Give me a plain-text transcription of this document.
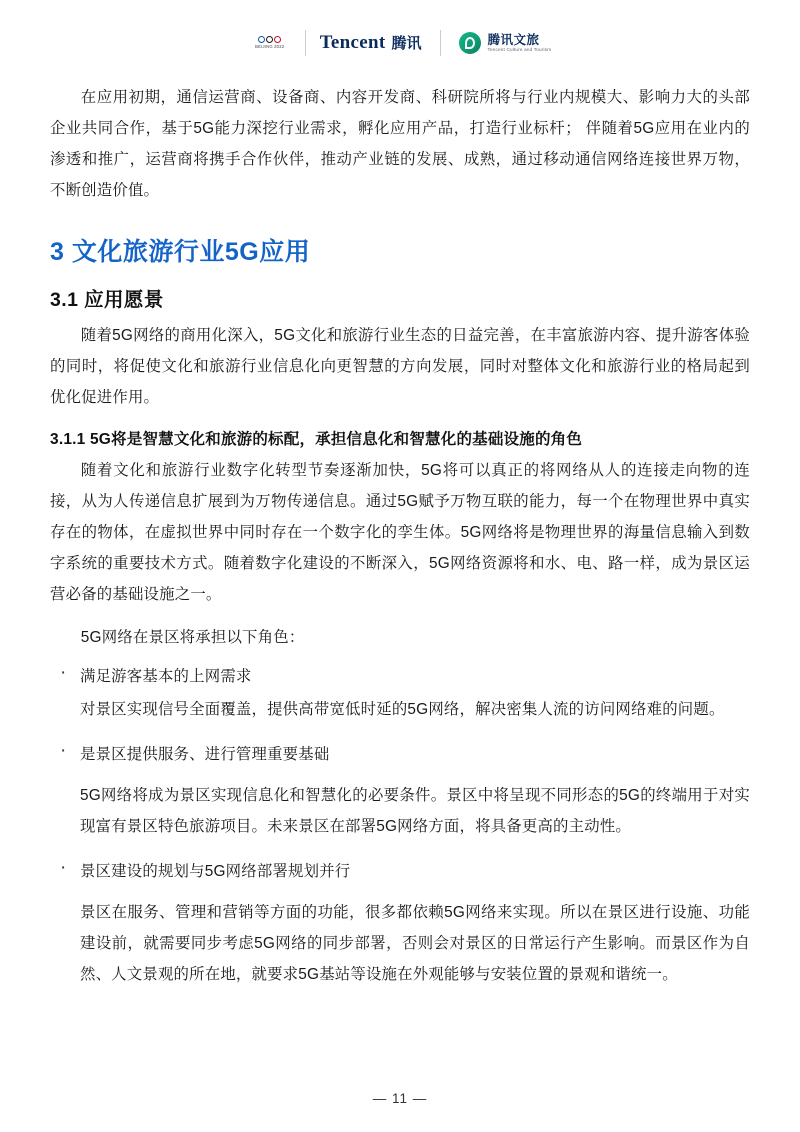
BEIJING 2022 Tencent 腾讯	腾讯文旅
Tencent Culture and Tourism

在应用初期，通信运营商、设备商、内容开发商、科研院所将与行业内规模大、影响力大的头部企业共同合作，基于5G能力深挖行业需求，孵化应用产品，打造行业标杆； 伴随着5G应用在业内的渗透和推广，运营商将携手合作伙伴，推动产业链的发展、成熟，通过移动通信网络连接世界万物，不断创造价值。

3 文化旅游行业5G应用
3.1 应用愿景

随着5G网络的商用化深入，5G文化和旅游行业生态的日益完善，在丰富旅游内容、提升游客体验的同时，将促使文化和旅游行业信息化向更智慧的方向发展，同时对整体文化和旅游行业的格局起到优化促进作用。

3.1.1 5G将是智慧文化和旅游的标配，承担信息化和智慧化的基础设施的角色

随着文化和旅游行业数字化转型节奏逐渐加快，5G将可以真正的将网络从人的连接走向物的连接，从为人传递信息扩展到为万物传递信息。通过5G赋予万物互联的能力，每一个在物理世界中真实存在的物体，在虚拟世界中同时存在一个数字化的孪生体。5G网络将是物理世界的海量信息输入到数字系统的重要技术方式。随着数字化建设的不断深入，5G网络资源将和水、电、路一样，成为景区运营必备的基础设施之一。

5G网络在景区将承担以下角色：

· 满足游客基本的上网需求
对景区实现信号全面覆盖，提供高带宽低时延的5G网络，解决密集人流的访问网络难的问题。
· 是景区提供服务、进行管理重要基础
5G网络将成为景区实现信息化和智慧化的必要条件。景区中将呈现不同形态的5G的终端用于对实现富有景区特色旅游项目。未来景区在部署5G网络方面，将具备更高的主动性。
· 景区建设的规划与5G网络部署规划并行
景区在服务、管理和营销等方面的功能，很多都依赖5G网络来实现。所以在景区进行设施、功能建设前，就需要同步考虑5G网络的同步部署，否则会对景区的日常运行产生影响。而景区作为自然、人文景观的所在地，就要求5G基站等设施在外观能够与安装位置的景观和谐统一。
— 11 —
